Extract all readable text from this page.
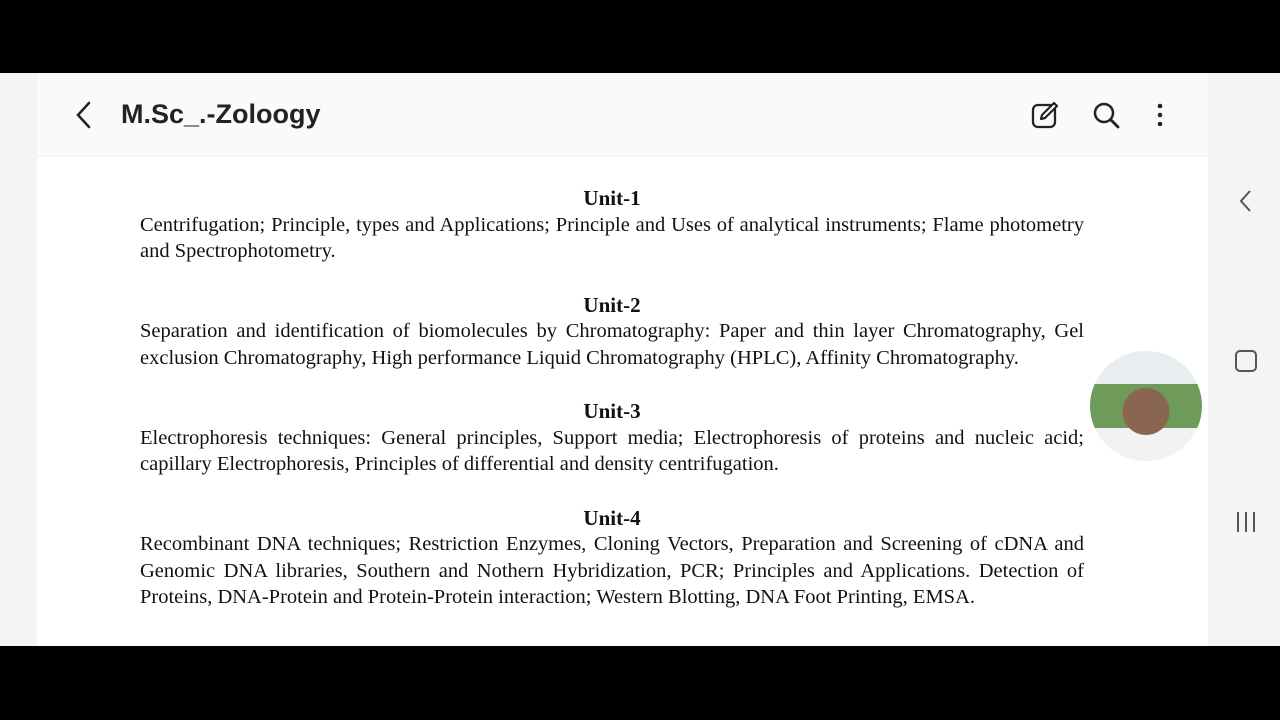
M.Sc_.-Zoloogy
Unit-1
Centrifugation; Principle, types and Applications; Principle and Uses of analytical instruments; Flame photometry and Spectrophotometry.
Unit-2
Separation and identification of biomolecules by Chromatography: Paper and thin layer Chromatography, Gel exclusion Chromatography, High performance Liquid Chromatography (HPLC), Affinity Chromatography.
Unit-3
Electrophoresis techniques: General principles, Support media; Electrophoresis of proteins and nucleic acid; capillary Electrophoresis, Principles of differential and density centrifugation.
Unit-4
Recombinant DNA techniques; Restriction Enzymes, Cloning Vectors, Preparation and Screening of cDNA and Genomic DNA libraries, Southern and Nothern Hybridization, PCR; Principles and Applications. Detection of Proteins, DNA-Protein and Protein-Protein interaction; Western Blotting, DNA Foot Printing, EMSA.
